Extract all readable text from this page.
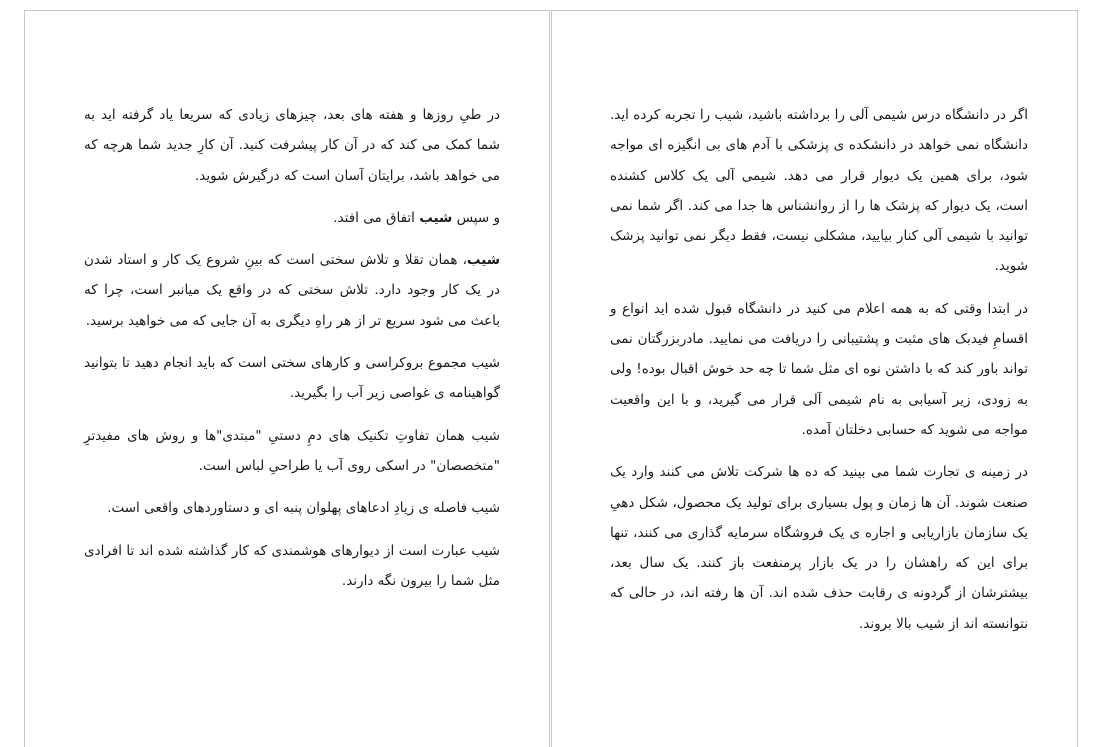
در طیِ روزها و هفته های بعد، چیزهای زیادی که سریعا یاد گرفته اید به شما کمک می کند که در آن کار پیشرفت کنید. آن کارِ جدید شما هرچه که می خواهد باشد، برایتان آسان است که درگیرش شوید.

و سپس شیب اتفاق می افتد.

شیب، همان تقلا و تلاش سختی است که بینِ شروع یک کار و استاد شدن در یک کار وجود دارد. تلاش سختی که در واقع یک میانبر است، چرا که باعث می شود سریع تر از هر راهِ دیگری به آن جایی که می خواهید برسید.

شیب مجموع بروکراسی و کارهای سختی است که باید انجام دهید تا بتوانید گواهینامه ی غواصی زیر آب را بگیرید.

شیب همان تفاوتِ تکنیک های دمِ دستیِ "مبتدی"ها و روش های مفیدترِ "متخصصان" در اسکی روی آب یا طراحیِ لباس است.

شیب فاصله ی زیادِ ادعاهای پهلوان پنبه ای و دستاوردهای واقعی است.

شیب عبارت است از دیوارهای هوشمندی که کار گذاشته شده اند تا افرادی مثل شما را بیرون نگه دارند.

اگر در دانشگاه درس شیمی آلی را برداشته باشید، شیب را تجربه کرده اید. دانشگاه نمی خواهد در دانشکده ی پزشکی با آدم های بی انگیزه ای مواجه شود، برای همین یک دیوار قرار می دهد. شیمی آلی یک کلاس کشنده است، یک دیوار که پزشک ها را از روانشناس ها جدا می کند. اگر شما نمی توانید با شیمی آلی کنار بیایید، مشکلی نیست، فقط دیگر نمی توانید پزشک شوید.

در ابتدا وقتی که به همه اعلام می کنید در دانشگاه قبول شده اید انواع و اقسامِ فیدبک های مثبت و پشتیبانی را دریافت می نمایید. مادربزرگتان نمی تواند باور کند که با داشتن نوه ای مثل شما تا چه حد خوش اقبال بوده! ولی به زودی، زیر آسیابی به نام شیمی آلی قرار می گیرید، و با این واقعیت مواجه می شوید که حسابی دخلتان آمده.

در زمینه ی تجارت شما می بینید که ده ها شرکت تلاش می کنند وارد یک صنعت شوند. آن ها زمان و پول بسیاری برای تولید یک محصول، شکل دهیِ یک سازمان بازاریابی و اجاره ی یک فروشگاه سرمایه گذاری می کنند، تنها برای این که راهشان را در یک بازار پرمنفعت باز کنند. یک سال بعد، بیشترشان از گردونه ی رقابت حذف شده اند. آن ها رفته اند، در حالی که نتوانسته اند از شیب بالا بروند.
